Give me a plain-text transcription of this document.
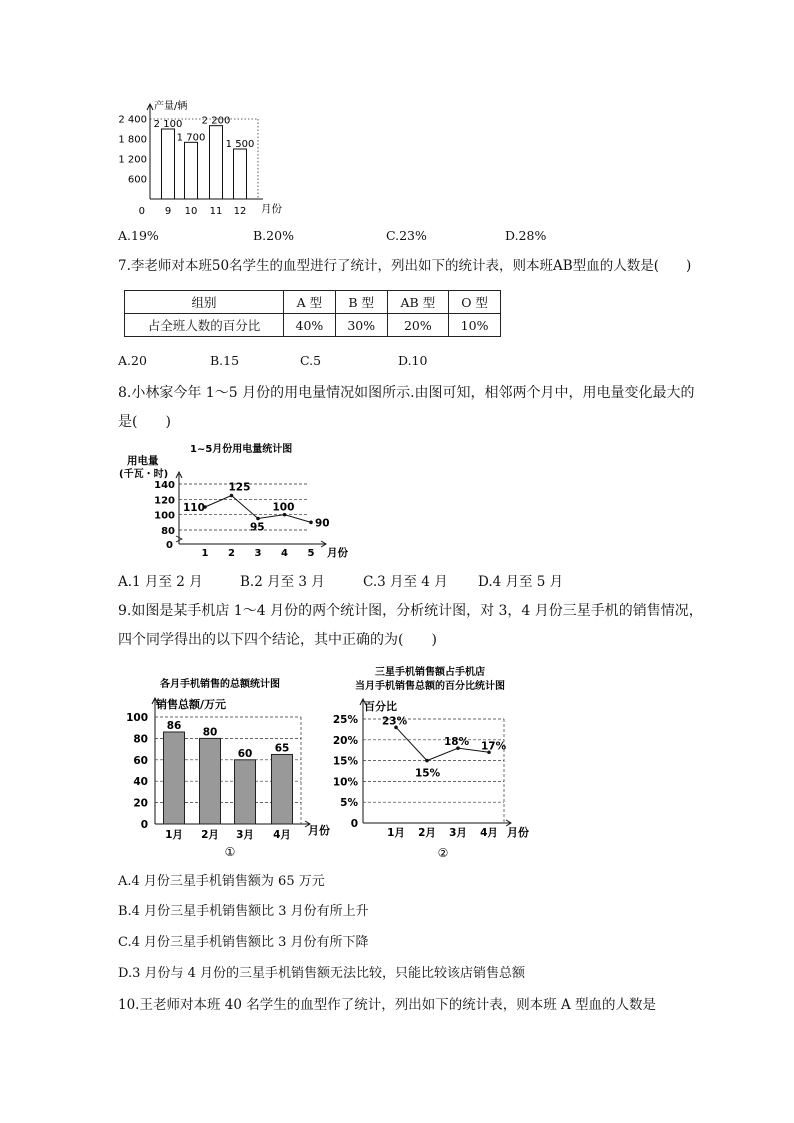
产量/辆
月份
0
600
1 200
1 800
2 400 2 100
9
1 700
10
2 200
11
1 500
12
A.19%	B.20%	C.23%	D.28%
7.李老师对本班50名学生的血型进行了统计，列出如下的统计表，则本班AB型血的人数是(　　)
组别	A 型	B 型	AB 型	O 型
占全班人数的百分比	40%	30%	20%	10%
A.20	B.15	C.5	D.10
8.小林家今年 1～5 月份的用电量情况如图所示.由图可知，相邻两个月中，用电量变化最大的
是(　　)
1~5月份用电量统计图
用电量
(千瓦・时)
月份
0
80
100
120
140
1 2 3 4 5
110
125
95
100
90
A.1 月至 2 月	B.2 月至 3 月	C.3 月至 4 月 D.4 月至 5 月
9.如图是某手机店 1～4 月份的两个统计图，分析统计图，对 3，4 月份三星手机的销售情况，
四个同学得出的以下四个结论，其中正确的为(　　)
各月手机销售的总额统计图
销售总额/万元
月份
0
20
40
60
80
100
86
1月
80
2月
60
3月
65
4月
①
三星手机销售额占手机店
当月手机销售总额的百分比统计图
百分比
0
5%
10%
15%
20%
25%
1月 2月 3月 4月 月份
23%
15%
18% 17%
②
A.4 月份三星手机销售额为 65 万元
B.4 月份三星手机销售额比 3 月份有所上升
C.4 月份三星手机销售额比 3 月份有所下降
D.3 月份与 4 月份的三星手机销售额无法比较，只能比较该店销售总额
10.王老师对本班 40 名学生的血型作了统计，列出如下的统计表，则本班 A 型血的人数是
